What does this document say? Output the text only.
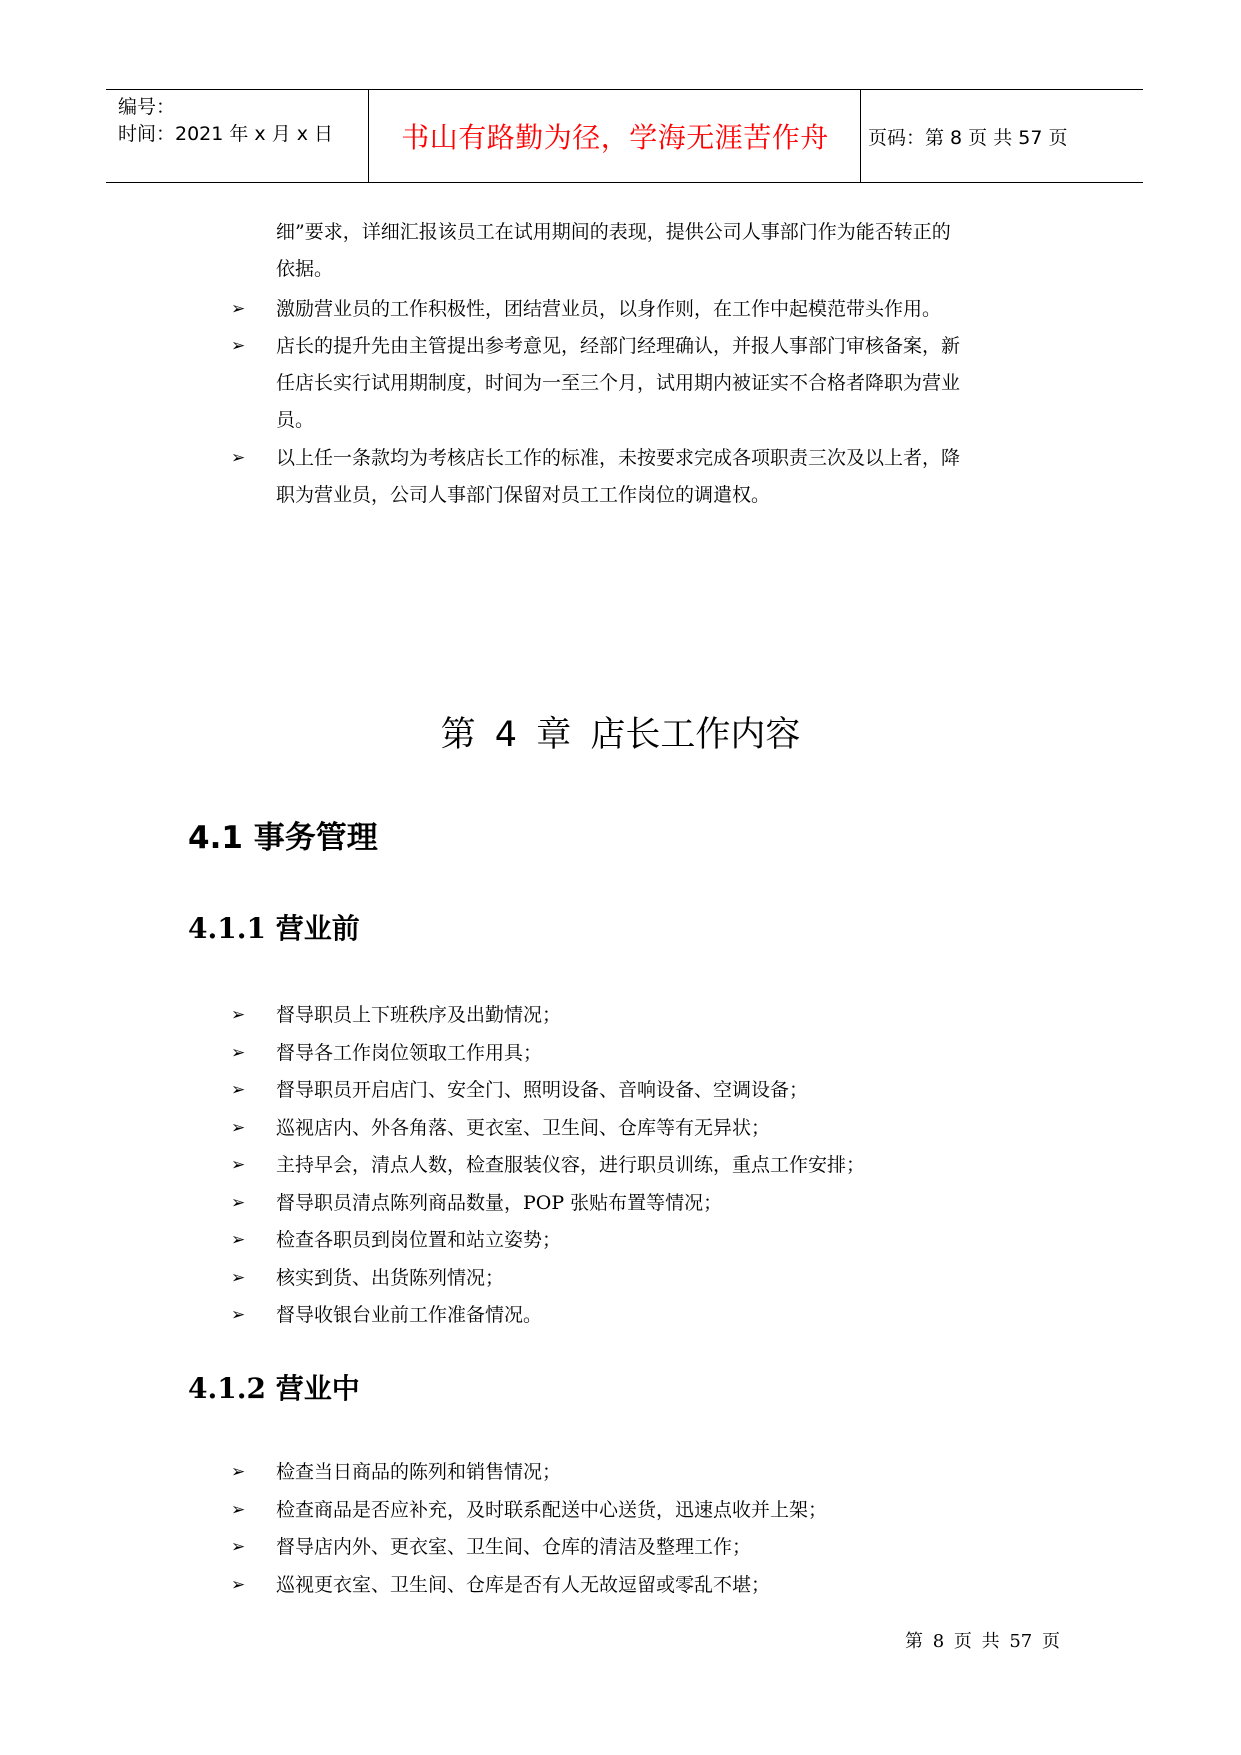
编号：
时间：2021 年 x 月 x 日	书山有路勤为径，学海无涯苦作舟	页码：第 8 页 共 57 页
细”要求，详细汇报该员工在试用期间的表现，提供公司人事部门作为能否转正的
依据。
➢ 激励营业员的工作积极性，团结营业员，以身作则，在工作中起模范带头作用。
➢ 店长的提升先由主管提出参考意见，经部门经理确认，并报人事部门审核备案，新
任店长实行试用期制度，时间为一至三个月，试用期内被证实不合格者降职为营业
员。
➢ 以上任一条款均为考核店长工作的标准，未按要求完成各项职责三次及以上者，降
职为营业员，公司人事部门保留对员工工作岗位的调遣权。
第 4 章 店长工作内容
4.1 事务管理
4.1.1 营业前
➢ 督导职员上下班秩序及出勤情况；
➢ 督导各工作岗位领取工作用具；
➢ 督导职员开启店门、安全门、照明设备、音响设备、空调设备；
➢ 巡视店内、外各角落、更衣室、卫生间、仓库等有无异状；
➢ 主持早会，清点人数，检查服装仪容，进行职员训练，重点工作安排；
➢ 督导职员清点陈列商品数量，POP 张贴布置等情况；
➢ 检查各职员到岗位置和站立姿势；
➢ 核实到货、出货陈列情况；
➢ 督导收银台业前工作准备情况。
4.1.2 营业中
➢ 检查当日商品的陈列和销售情况；
➢ 检查商品是否应补充，及时联系配送中心送货，迅速点收并上架；
➢ 督导店内外、更衣室、卫生间、仓库的清洁及整理工作；
➢ 巡视更衣室、卫生间、仓库是否有人无故逗留或零乱不堪；
第 8 页 共 57 页
